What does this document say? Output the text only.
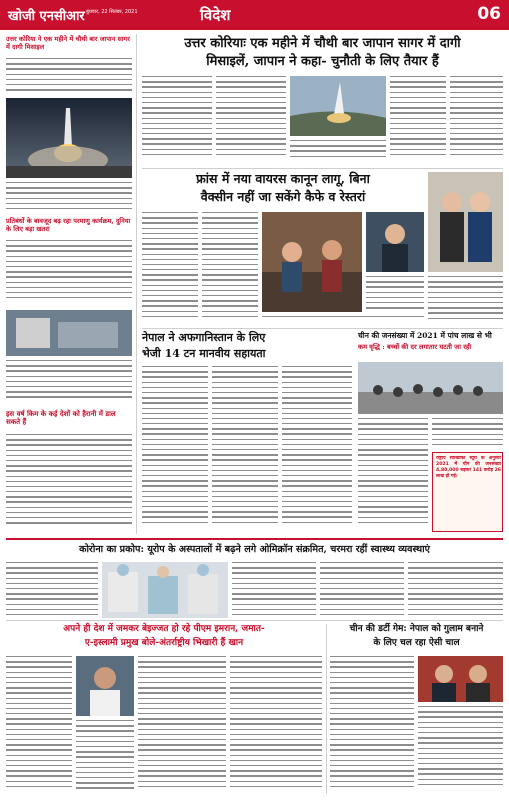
खोजी एनसीआर बुधवार, 22 सितंबर, 2021	विदेश	06
उत्तर कोरिया ने एक महीने में चौथी बार जापान सागर में दागी मिसाइल
प्रतिबंधों के बावजूद बढ़ रहा परमाणु कार्यक्रम, दुनिया के लिए बड़ा खतरा
इस वर्ष किम के कई देशों को हैरानी में डाल सकते हैं
उत्तर कोरियाः एक महीने में चौथी बार जापान सागर में दागी
मिसाइलें, जापान ने कहा- चुनौती के लिए तैयार हैं
फ्रांस में नया वायरस कानून लागू, बिना
वैक्सीन नहीं जा सकेंगे कैफे व रेस्तरां
नेपाल ने अफगानिस्तान के लिए
भेजी 14 टन मानवीय सहायता
चीन की जनसंख्या में 2021 में पांच लाख से भी
कम वृद्धि : बच्चों की दर लगातार घटती जा रही
राष्ट्रीय सांख्यिकी ब्यूरो के अनुसार 2021 में चीन की जनसंख्या 4,80,000 बढ़कर 141 करोड़ 26 लाख हो गई।
कोरोना का प्रकोप: यूरोप के अस्पतालों में बढ़ने लगे ओमिक्रॉन संक्रमित, चरमरा रहीं स्वास्थ्य व्यवस्थाएं
अपने ही देश में जमकर बेइज्जत हो रहे पीएम इमरान, जमात-
ए-इस्लामी प्रमुख बोले-अंतर्राष्ट्रीय भिखारी हैं खान
चीन की डर्टी गेम: नेपाल को गुलाम बनाने
के लिए चल रहा ऐसी चाल
